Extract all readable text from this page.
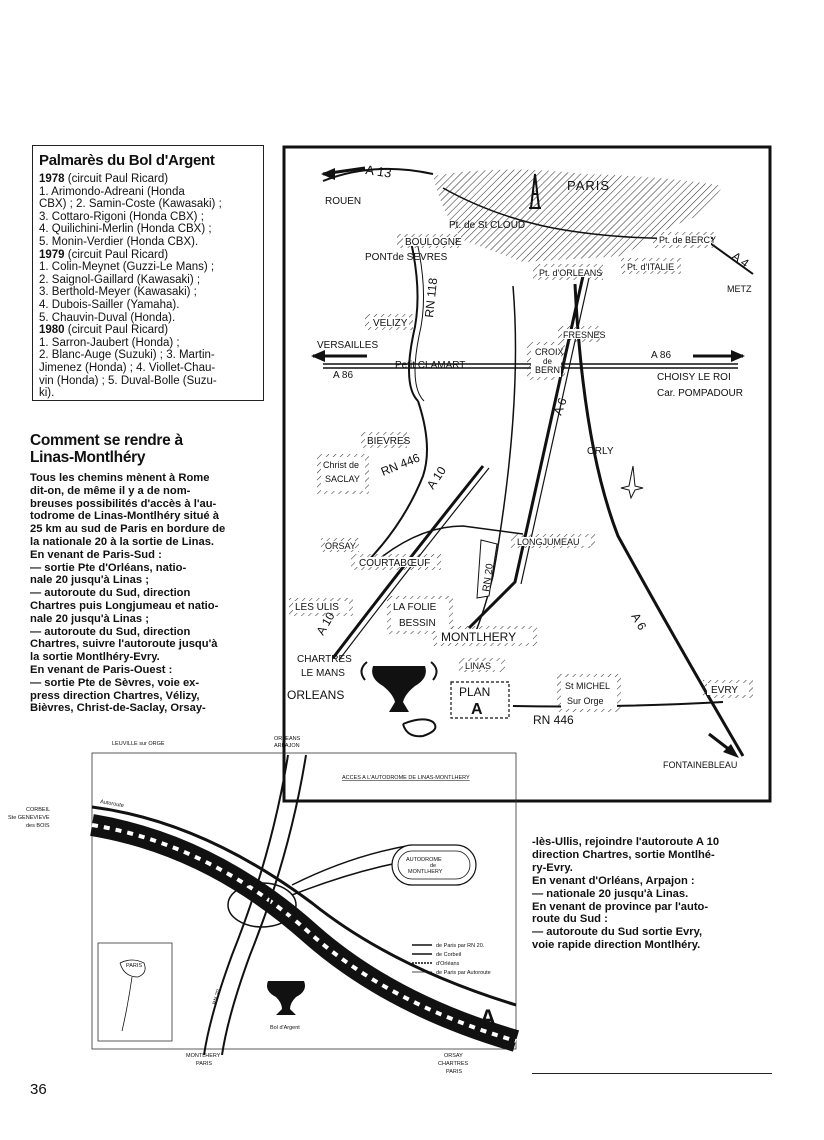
Palmarès du Bol d'Argent
1978 (circuit Paul Ricard)
1. Arimondo-Adreani (Honda
CBX) ; 2. Samin-Coste (Kawasaki) ;
3. Cottaro-Rigoni (Honda CBX) ;
4. Quilichini-Merlin (Honda CBX) ;
5. Monin-Verdier (Honda CBX).
1979 (circuit Paul Ricard)
1. Colin-Meynet (Guzzi-Le Mans) ;
2. Saignol-Gaillard (Kawasaki) ;
3. Berthold-Meyer (Kawasaki) ;
4. Dubois-Sailler (Yamaha).
5. Chauvin-Duval (Honda).
1980 (circuit Paul Ricard)
1. Sarron-Jaubert (Honda) ;
2. Blanc-Auge (Suzuki) ; 3. Martin-
Jimenez (Honda) ; 4. Viollet-Chau-
vin (Honda) ; 5. Duval-Bolle (Suzu-
ki).
Comment se rendre à
Linas-Montlhéry

Tous les chemins mènent à Rome

dit-on, de même il y a de nom-

breuses possibilités d'accès à l'au-

todrome de Linas-Montlhéry situé à

25 km au sud de Paris en bordure de

la nationale 20 à la sortie de Linas.

En venant de Paris-Sud :

— sortie Pte d'Orléans, natio-

nale 20 jusqu'à Linas ;

— autoroute du Sud, direction

Chartres puis Longjumeau et natio-

nale 20 jusqu'à Linas ;

— autoroute du Sud, direction

Chartres, suivre l'autoroute jusqu'à

la sortie Montlhéry-Evry.

En venant de Paris-Ouest :

— sortie Pte de Sèvres, voie ex-

press direction Chartres, Vélizy,

Bièvres, Christ-de-Saclay, Orsay-

A 13
ROUEN
PARIS
Pt. de St CLOUD
BOULOGNE
PONTde SEVRES
Pt. de BERCY
A 4
METZ
Pt. d'ORLEANS
Pt. d'ITALIE
RN 118
VELIZY
VERSAILLES
A 86
Petit CLAMART
FRESNES
CROIX
de
BERNY
A 86
CHOISY LE ROI
Car. POMPADOUR
BIEVRES
RN 446
A 6
ORLY
Christ de
SACLAY	A 10
ORSAY	LONGJUMEAU
COURTABŒUF	RN 20
LES ULIS	LA FOLIE
BESSIN
MONTLHERY
A 10	A 6
CHARTRES
LE MANS
ORLEANS
LINAS
PLAN
A
St MICHEL
Sur Orge
EVRY
RN 446
FONTAINEBLEAU
LEUVILLE sur ORGE
ORLEANS
ARPAJON
ACCES A L'AUTODROME DE LINAS-MONTLHERY
CORBEIL
Ste GENEVIEVE
des BOIS
Autoroute
AUTODROME
de
MONTLHERY
PARIS
de Paris par RN 20.
de Corbeil
d'Orléans
de Paris par Autoroute
RN 20
Autoroute
Bol d'Argent	A
MONTLHERY
PARIS
ORSAY
CHARTRES
PARIS

-lès-Ullis, rejoindre l'autoroute A 10

direction Chartres, sortie Montlhé-

ry-Evry.

En venant d'Orléans, Arpajon :

— nationale 20 jusqu'à Linas.

En venant de province par l'auto-

route du Sud :

— autoroute du Sud sortie Evry,

voie rapide direction Montlhéry.

36
